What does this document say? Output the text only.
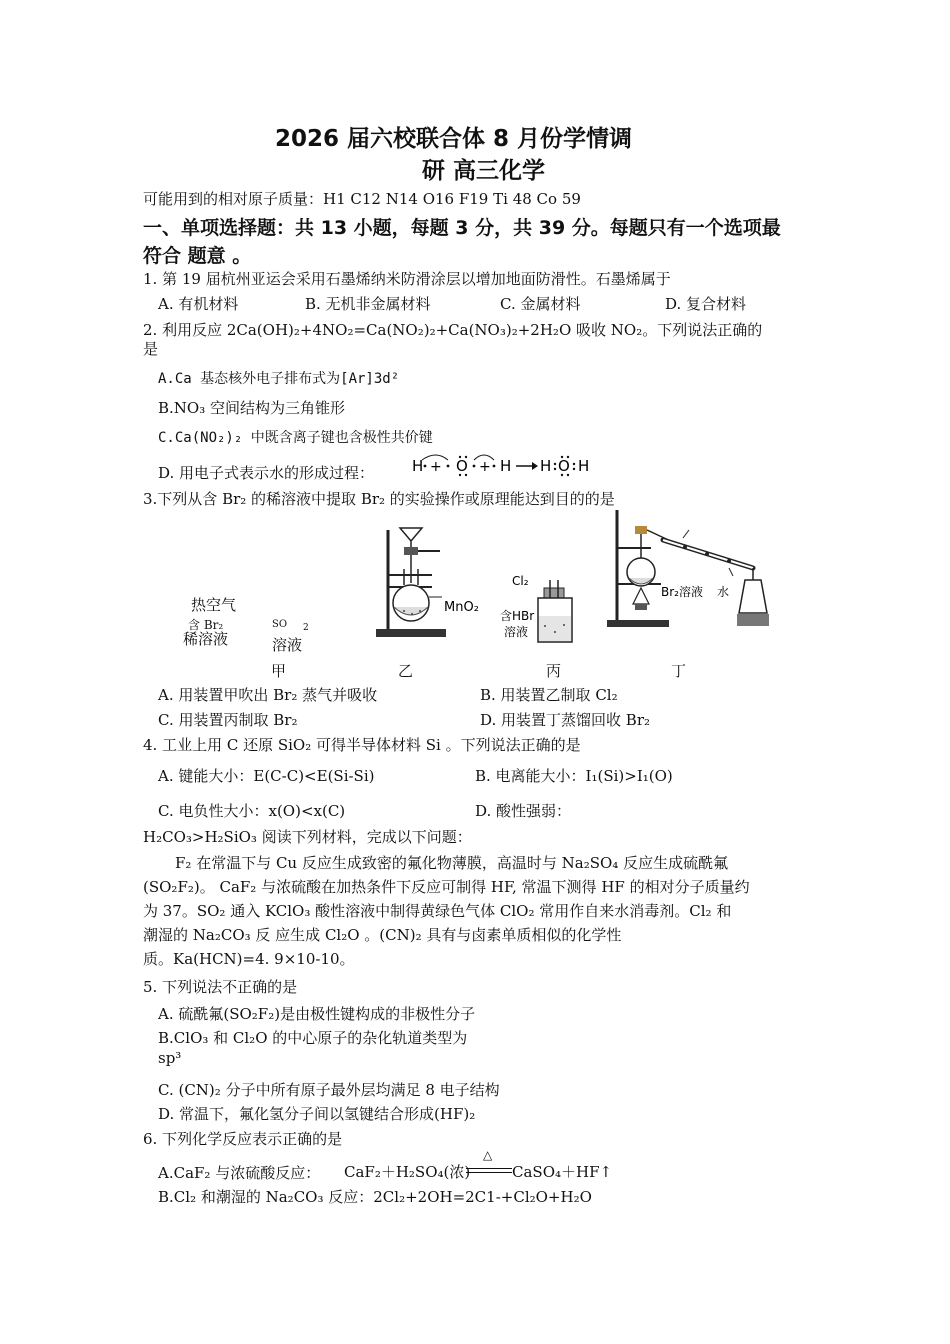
2026 届六校联合体 8 月份学情调
研 高三化学
可能用到的相对原子质量：H1 C12 N14 O16 F19 Ti 48 Co 59
一、单项选择题：共 13 小题，每题 3 分，共 39 分。每题只有一个选项最
符合 题意 。
1. 第 19 届杭州亚运会采用石墨烯纳米防滑涂层以增加地面防滑性。石墨烯属于
A. 有机材料	B. 无机非金属材料	C. 金属材料	D. 复合材料
2. 利用反应 2Ca(OH)₂+4NO₂=Ca(NO₂)₂+Ca(NO₃)₂+2H₂O 吸收 NO₂。下列说法正确的
是
A.Ca 基态核外电子排布式为[Ar]3d²
B.NO₃ 空间结构为三角锥形
C.Ca(NO₂)₂ 中既含离子键也含极性共价键
D. 用电子式表示水的形成过程：	H + O + H H O H
3.下列从含 Br₂ 的稀溶液中提取 Br₂ 的实验操作或原理能达到目的的是
热空气
含 Br₂
稀溶液
SO 2
溶液
MnO₂
Cl₂
含HBr
溶液
Br₂溶液 水
甲	乙	丙	丁
A. 用装置甲吹出 Br₂ 蒸气并吸收	B. 用装置乙制取 Cl₂
C. 用装置丙制取 Br₂	D. 用装置丁蒸馏回收 Br₂
4. 工业上用 C 还原 SiO₂ 可得半导体材料 Si 。下列说法正确的是
A. 键能大小：E(C-C)<E(Si-Si)	B. 电离能大小：I₁(Si)>I₁(O)
C. 电负性大小：x(O)<x(C)	D. 酸性强弱：
H₂CO₃>H₂SiO₃ 阅读下列材料，完成以下问题：
F₂ 在常温下与 Cu 反应生成致密的氟化物薄膜，高温时与 Na₂SO₄ 反应生成硫酰氟
(SO₂F₂)。 CaF₂ 与浓硫酸在加热条件下反应可制得 HF, 常温下测得 HF 的相对分子质量约
为 37。SO₂ 通入 KClO₃ 酸性溶液中制得黄绿色气体 ClO₂ 常用作自来水消毒剂。Cl₂ 和
潮湿的 Na₂CO₃ 反 应生成 Cl₂O 。(CN)₂ 具有与卤素单质相似的化学性
质。Ka(HCN)=4. 9×10-10。
5. 下列说法不正确的是
A. 硫酰氟(SO₂F₂)是由极性键构成的非极性分子
B.ClO₃ 和 Cl₂O 的中心原子的杂化轨道类型为
sp³
C. (CN)₂ 分子中所有原子最外层均满足 8 电子结构
D. 常温下，氟化氢分子间以氢键结合形成(HF)₂
6. 下列化学反应表示正确的是
A.CaF₂ 与浓硫酸反应： CaF₂＋H₂SO₄(浓)
△
CaSO₄＋HF↑
B.Cl₂ 和潮湿的 Na₂CO₃ 反应：2Cl₂+2OH=2C1-+Cl₂O+H₂O
